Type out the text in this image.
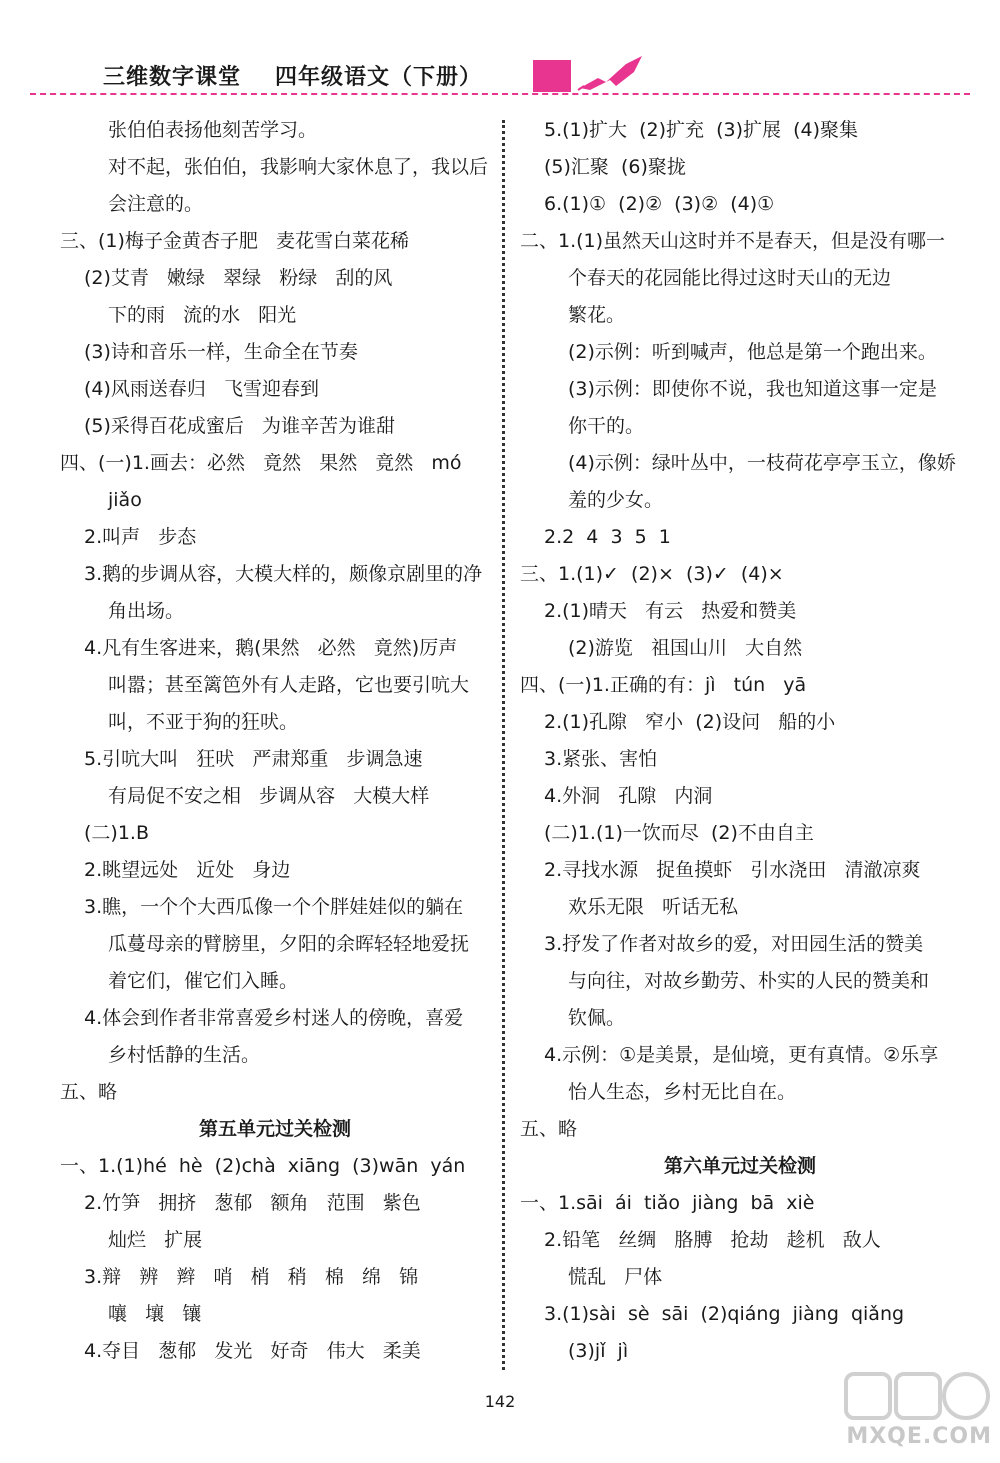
三维数字课堂 四年级语文（下册）
张伯伯表扬他刻苦学习。
对不起，张伯伯，我影响大家休息了，我以后
会注意的。
三、(1)梅子金黄杏子肥   麦花雪白菜花稀
(2)艾青   嫩绿   翠绿   粉绿   刮的风
下的雨   流的水   阳光
(3)诗和音乐一样，生命全在节奏
(4)风雨送春归   飞雪迎春到
(5)采得百花成蜜后   为谁辛苦为谁甜
四、(一)1.画去：必然   竟然   果然   竟然   mó
jiǎo
2.叫声   步态
3.鹅的步调从容，大模大样的，颇像京剧里的净
角出场。
4.凡有生客进来，鹅(果然   必然   竟然)厉声
叫嚣；甚至篱笆外有人走路，它也要引吭大
叫，不亚于狗的狂吠。
5.引吭大叫   狂吠   严肃郑重   步调急速
有局促不安之相   步调从容   大模大样
(二)1.B
2.眺望远处   近处   身边
3.瞧，一个个大西瓜像一个个胖娃娃似的躺在
瓜蔓母亲的臂膀里，夕阳的余晖轻轻地爱抚
着它们，催它们入睡。
4.体会到作者非常喜爱乡村迷人的傍晚，喜爱
乡村恬静的生活。
五、略
第五单元过关检测
一、1.(1)hé  hè  (2)chà  xiāng  (3)wān  yán
2.竹笋   拥挤   葱郁   额角   范围   紫色
灿烂   扩展
3.辩   辨   辫   哨   梢   稍   棉   绵   锦
嚷   壤   镶
4.夺目   葱郁   发光   好奇   伟大   柔美
5.(1)扩大  (2)扩充  (3)扩展  (4)聚集
(5)汇聚  (6)聚拢
6.(1)①  (2)②  (3)②  (4)①
二、1.(1)虽然天山这时并不是春天，但是没有哪一
个春天的花园能比得过这时天山的无边
繁花。
(2)示例：听到喊声，他总是第一个跑出来。
(3)示例：即使你不说，我也知道这事一定是
你干的。
(4)示例：绿叶丛中，一枝荷花亭亭玉立，像娇
羞的少女。
2.2  4  3  5  1
三、1.(1)✓  (2)×  (3)✓  (4)×
2.(1)晴天   有云   热爱和赞美
(2)游览   祖国山川   大自然
四、(一)1.正确的有：jì   tún   yā
2.(1)孔隙   窄小  (2)设问   船的小
3.紧张、害怕
4.外洞   孔隙   内洞
(二)1.(1)一饮而尽  (2)不由自主
2.寻找水源   捉鱼摸虾   引水浇田   清澈凉爽
欢乐无限   听话无私
3.抒发了作者对故乡的爱，对田园生活的赞美
与向往，对故乡勤劳、朴实的人民的赞美和
钦佩。
4.示例：①是美景，是仙境，更有真情。②乐享
怡人生态，乡村无比自在。
五、略
第六单元过关检测
一、1.sāi  ái  tiǎo  jiàng  bā  xiè
2.铅笔   丝绸   胳膊   抢劫   趁机   敌人
慌乱   尸体
3.(1)sài  sè  sāi  (2)qiáng  jiàng  qiǎng
(3)jǐ  jì
142
MXQE.COM
